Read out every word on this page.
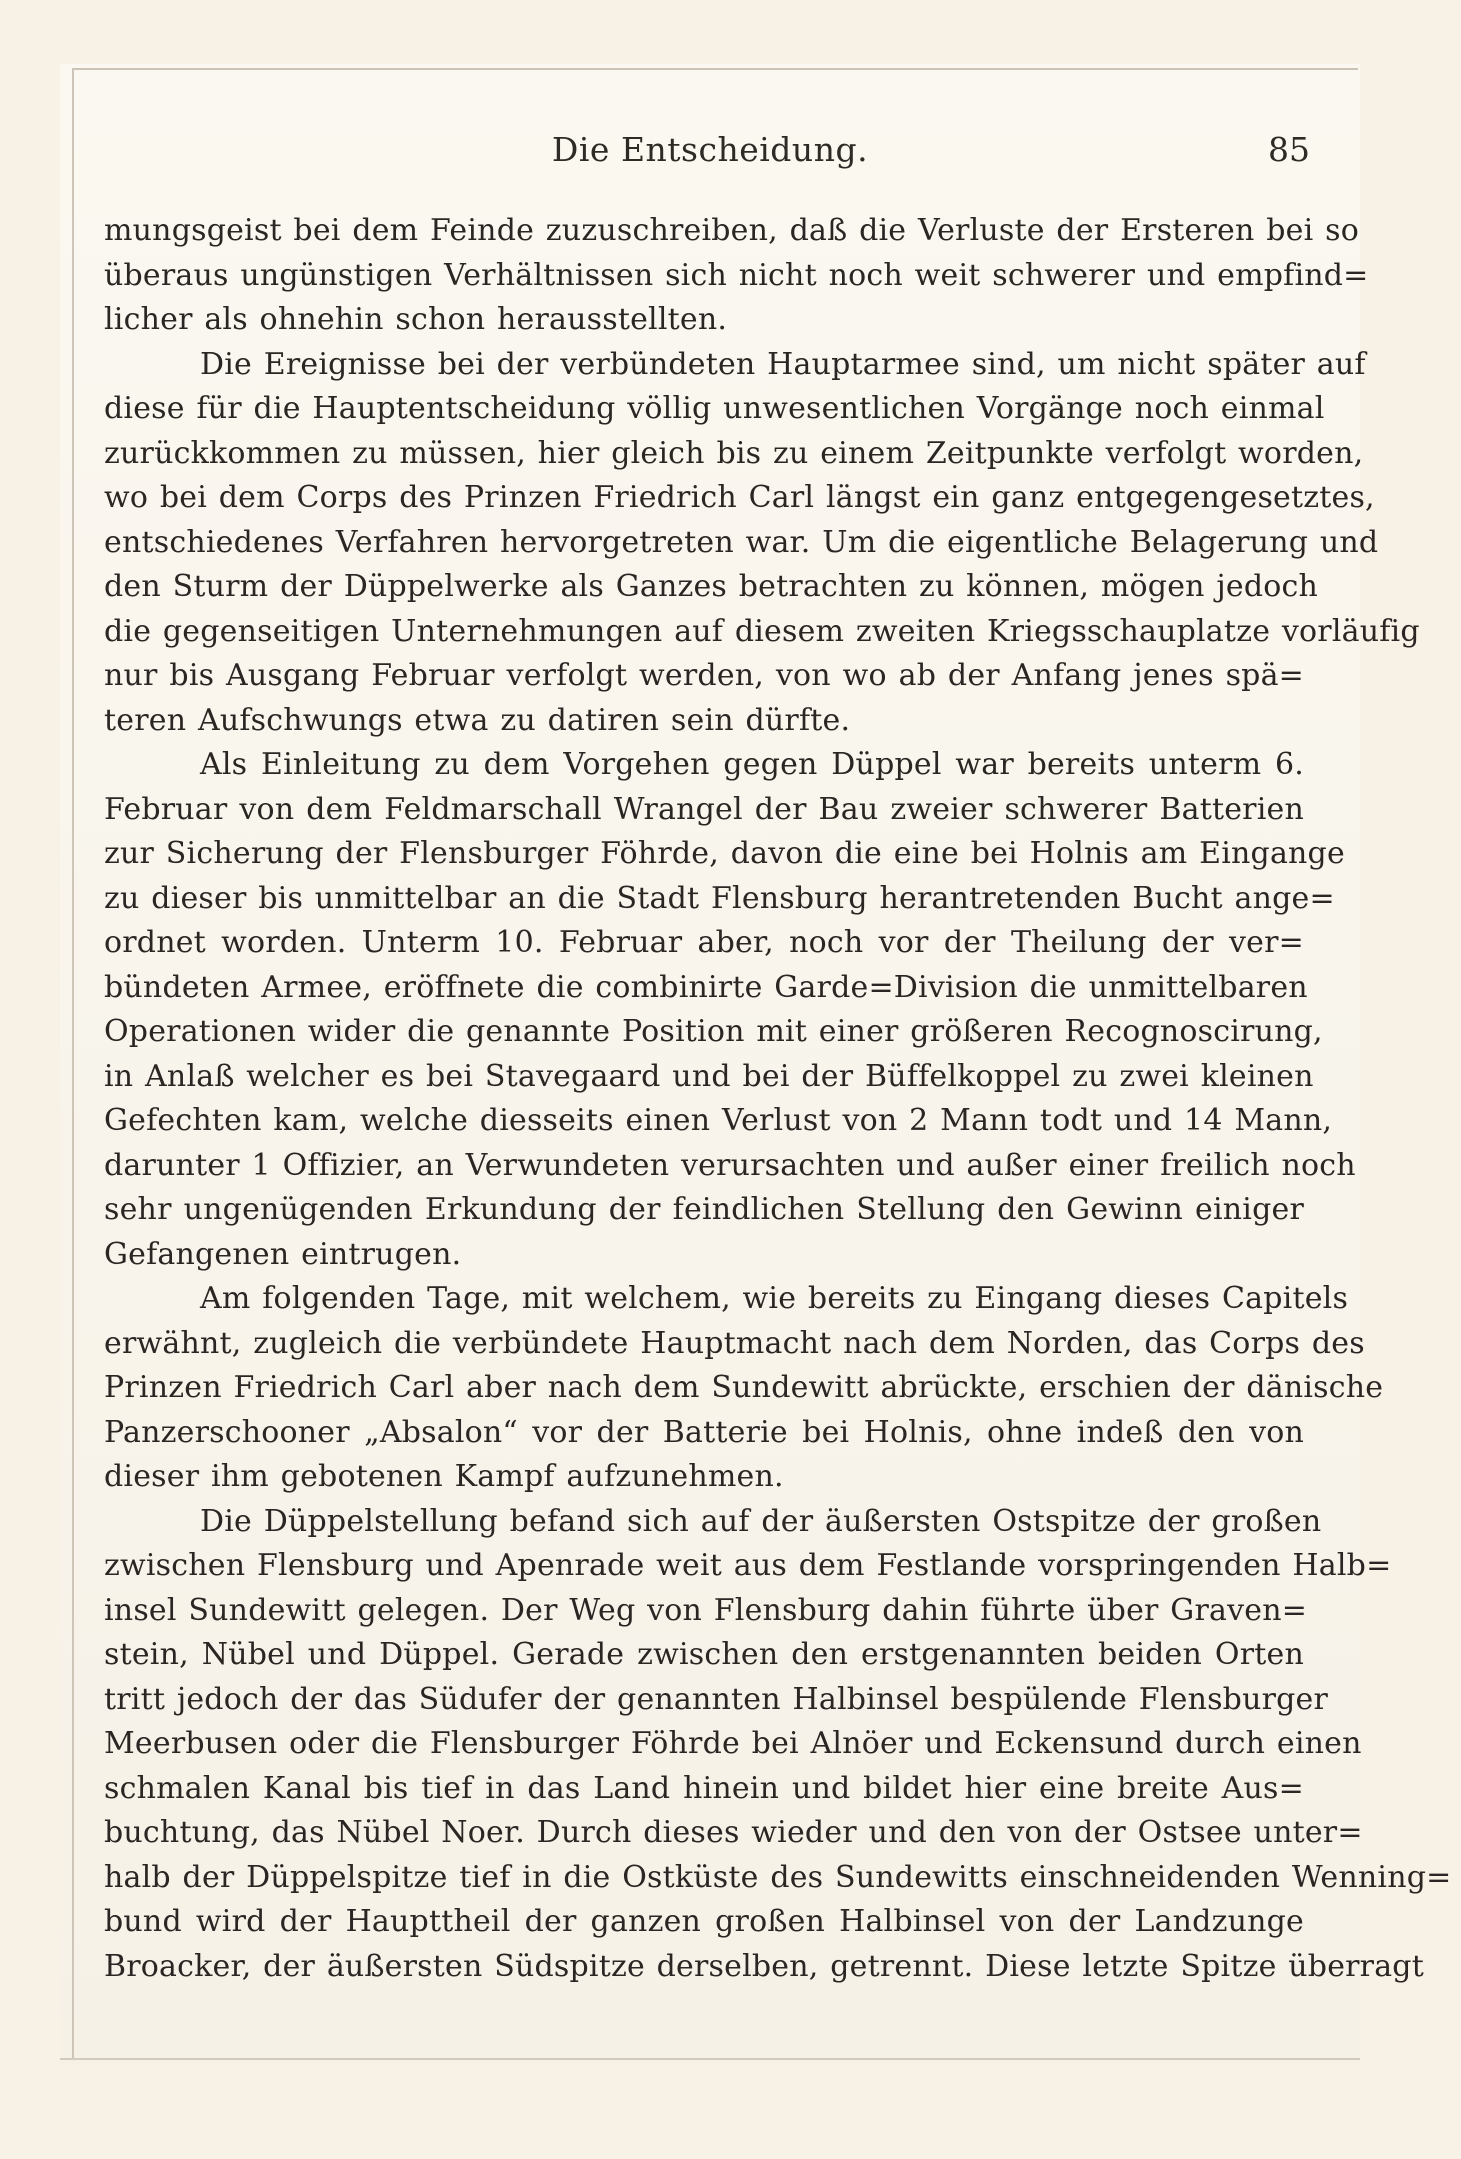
Die Entscheidung.	85
mungsgeist bei dem Feinde zuzuschreiben, daß die Verluste der Ersteren bei so
überaus ungünstigen Verhältnissen sich nicht noch weit schwerer und empfind=
licher als ohnehin schon herausstellten.
Die Ereignisse bei der verbündeten Hauptarmee sind, um nicht später auf
diese für die Hauptentscheidung völlig unwesentlichen Vorgänge noch einmal
zurückkommen zu müssen, hier gleich bis zu einem Zeitpunkte verfolgt worden,
wo bei dem Corps des Prinzen Friedrich Carl längst ein ganz entgegengesetztes,
entschiedenes Verfahren hervorgetreten war. Um die eigentliche Belagerung und
den Sturm der Düppelwerke als Ganzes betrachten zu können, mögen jedoch
die gegenseitigen Unternehmungen auf diesem zweiten Kriegsschauplatze vorläufig
nur bis Ausgang Februar verfolgt werden, von wo ab der Anfang jenes spä=
teren Aufschwungs etwa zu datiren sein dürfte.
Als Einleitung zu dem Vorgehen gegen Düppel war bereits unterm 6.
Februar von dem Feldmarschall Wrangel der Bau zweier schwerer Batterien
zur Sicherung der Flensburger Föhrde, davon die eine bei Holnis am Eingange
zu dieser bis unmittelbar an die Stadt Flensburg herantretenden Bucht ange=
ordnet worden. Unterm 10. Februar aber, noch vor der Theilung der ver=
bündeten Armee, eröffnete die combinirte Garde=Division die unmittelbaren
Operationen wider die genannte Position mit einer größeren Recognoscirung,
in Anlaß welcher es bei Stavegaard und bei der Büffelkoppel zu zwei kleinen
Gefechten kam, welche diesseits einen Verlust von 2 Mann todt und 14 Mann,
darunter 1 Offizier, an Verwundeten verursachten und außer einer freilich noch
sehr ungenügenden Erkundung der feindlichen Stellung den Gewinn einiger
Gefangenen eintrugen.
Am folgenden Tage, mit welchem, wie bereits zu Eingang dieses Capitels
erwähnt, zugleich die verbündete Hauptmacht nach dem Norden, das Corps des
Prinzen Friedrich Carl aber nach dem Sundewitt abrückte, erschien der dänische
Panzerschooner „Absalon“ vor der Batterie bei Holnis, ohne indeß den von
dieser ihm gebotenen Kampf aufzunehmen.
Die Düppelstellung befand sich auf der äußersten Ostspitze der großen
zwischen Flensburg und Apenrade weit aus dem Festlande vorspringenden Halb=
insel Sundewitt gelegen. Der Weg von Flensburg dahin führte über Graven=
stein, Nübel und Düppel. Gerade zwischen den erstgenannten beiden Orten
tritt jedoch der das Südufer der genannten Halbinsel bespülende Flensburger
Meerbusen oder die Flensburger Föhrde bei Alnöer und Eckensund durch einen
schmalen Kanal bis tief in das Land hinein und bildet hier eine breite Aus=
buchtung, das Nübel Noer. Durch dieses wieder und den von der Ostsee unter=
halb der Düppelspitze tief in die Ostküste des Sundewitts einschneidenden Wenning=
bund wird der Haupttheil der ganzen großen Halbinsel von der Landzunge
Broacker, der äußersten Südspitze derselben, getrennt. Diese letzte Spitze überragt
